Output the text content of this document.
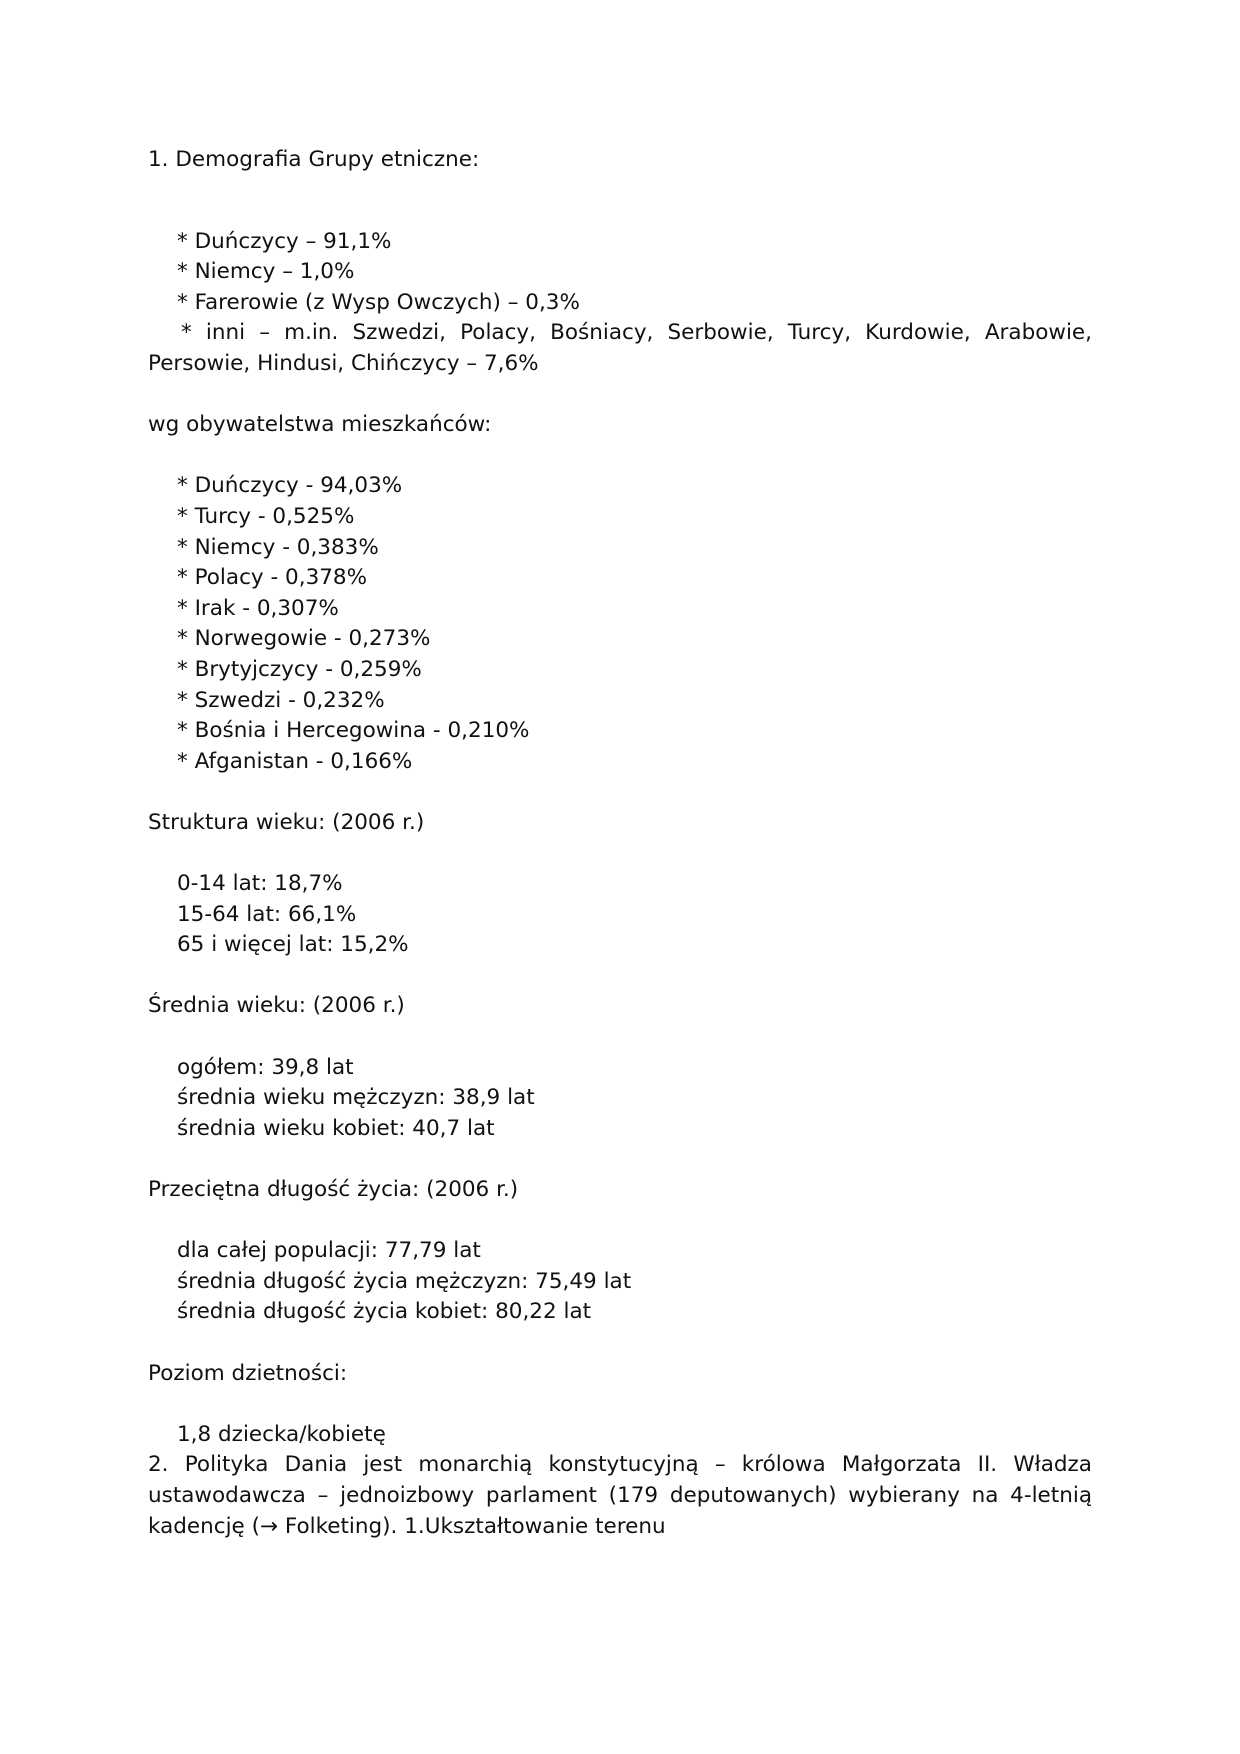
1. Demografia Grupy etniczne:
* Duńczycy – 91,1%
* Niemcy – 1,0%
* Farerowie (z Wysp Owczych) – 0,3%
* inni – m.in. Szwedzi, Polacy, Bośniacy, Serbowie, Turcy, Kurdowie, Arabowie, Persowie, Hindusi, Chińczycy – 7,6%
wg obywatelstwa mieszkańców:
* Duńczycy - 94,03%
* Turcy - 0,525%
* Niemcy - 0,383%
* Polacy - 0,378%
* Irak - 0,307%
* Norwegowie - 0,273%
* Brytyjczycy - 0,259%
* Szwedzi - 0,232%
* Bośnia i Hercegowina - 0,210%
* Afganistan - 0,166%
Struktura wieku: (2006 r.)
0-14 lat: 18,7%
15-64 lat: 66,1%
65 i więcej lat: 15,2%
Średnia wieku: (2006 r.)
ogółem: 39,8 lat
średnia wieku mężczyzn: 38,9 lat
średnia wieku kobiet: 40,7 lat
Przeciętna długość życia: (2006 r.)
dla całej populacji: 77,79 lat
średnia długość życia mężczyzn: 75,49 lat
średnia długość życia kobiet: 80,22 lat
Poziom dzietności:
1,8 dziecka/kobietę
2. Polityka Dania jest monarchią konstytucyjną – królowa Małgorzata II. Władza ustawodawcza – jednoizbowy parlament (179 deputowanych) wybierany na 4-letnią kadencję (→ Folketing). 1.Ukształtowanie terenu
